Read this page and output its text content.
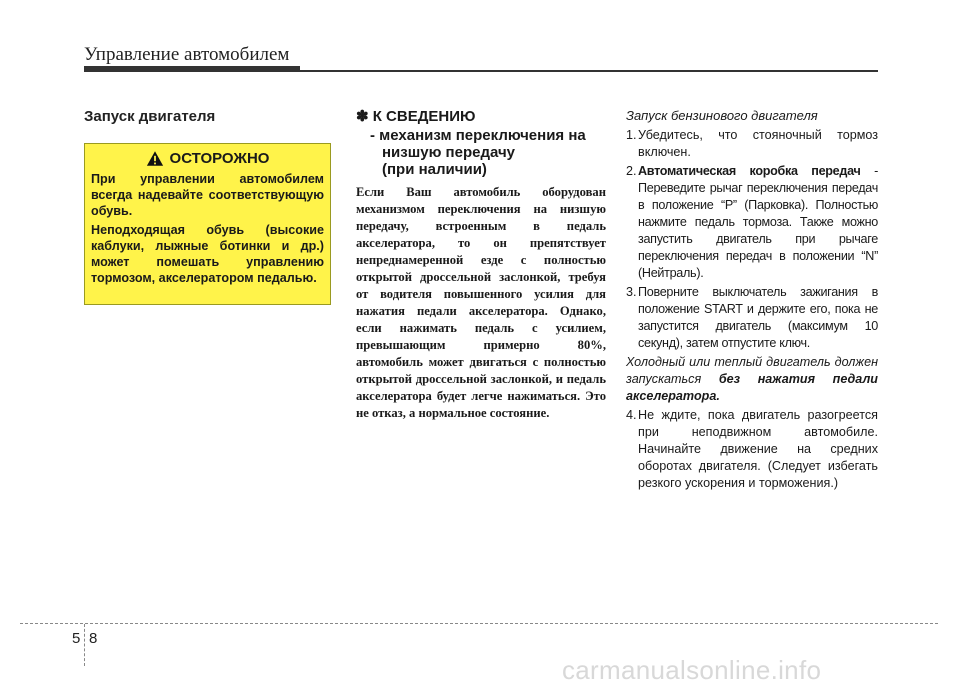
Управление автомобилем
Запуск двигателя
ОСТОРОЖНО

При управлении автомобилем всегда надевайте соответствующую обувь.

Неподходящая обувь (высокие каблуки, лыжные ботинки и др.) может помешать управлению тормозом, акселератором педалью.

✽ К СВЕДЕНИЮ

- механизм переключения на низшую передачу

(при наличии)

Если Ваш автомобиль оборудован механизмом переключения на низшую передачу, встроенным в педаль акселератора, то он препятствует непреднамеренной езде с полностью открытой дроссельной заслонкой, требуя от водителя повышенного усилия для нажатия педали акселератора. Однако, если нажимать педаль с усилием, превышающим примерно 80%, автомобиль может двигаться с полностью открытой дроссельной заслонкой, и педаль акселератора будет легче нажиматься. Это не отказ, а нормальное состояние.

Запуск бензинового двигателя

1. Убедитесь, что стояночный тормоз включен.
2. Автоматическая коробка передач - Переведите рычаг переключения передач в положение “P” (Парковка). Полностью нажмите педаль тормоза. Также можно запустить двигатель при рычаге переключения передач в положении “N” (Нейтраль).
3. Поверните выключатель зажигания в положение START и держите его, пока не запустится двигатель (максимум 10 секунд), затем отпустите ключ.

Холодный или теплый двигатель должен запускаться без нажатия педали акселератора.

4. Не ждите, пока двигатель разогреется при неподвижном автомобиле. Начинайте движение на средних оборотах двигателя. (Следует избегать резкого ускорения и торможения.)
5 8
carmanualsonline.info
